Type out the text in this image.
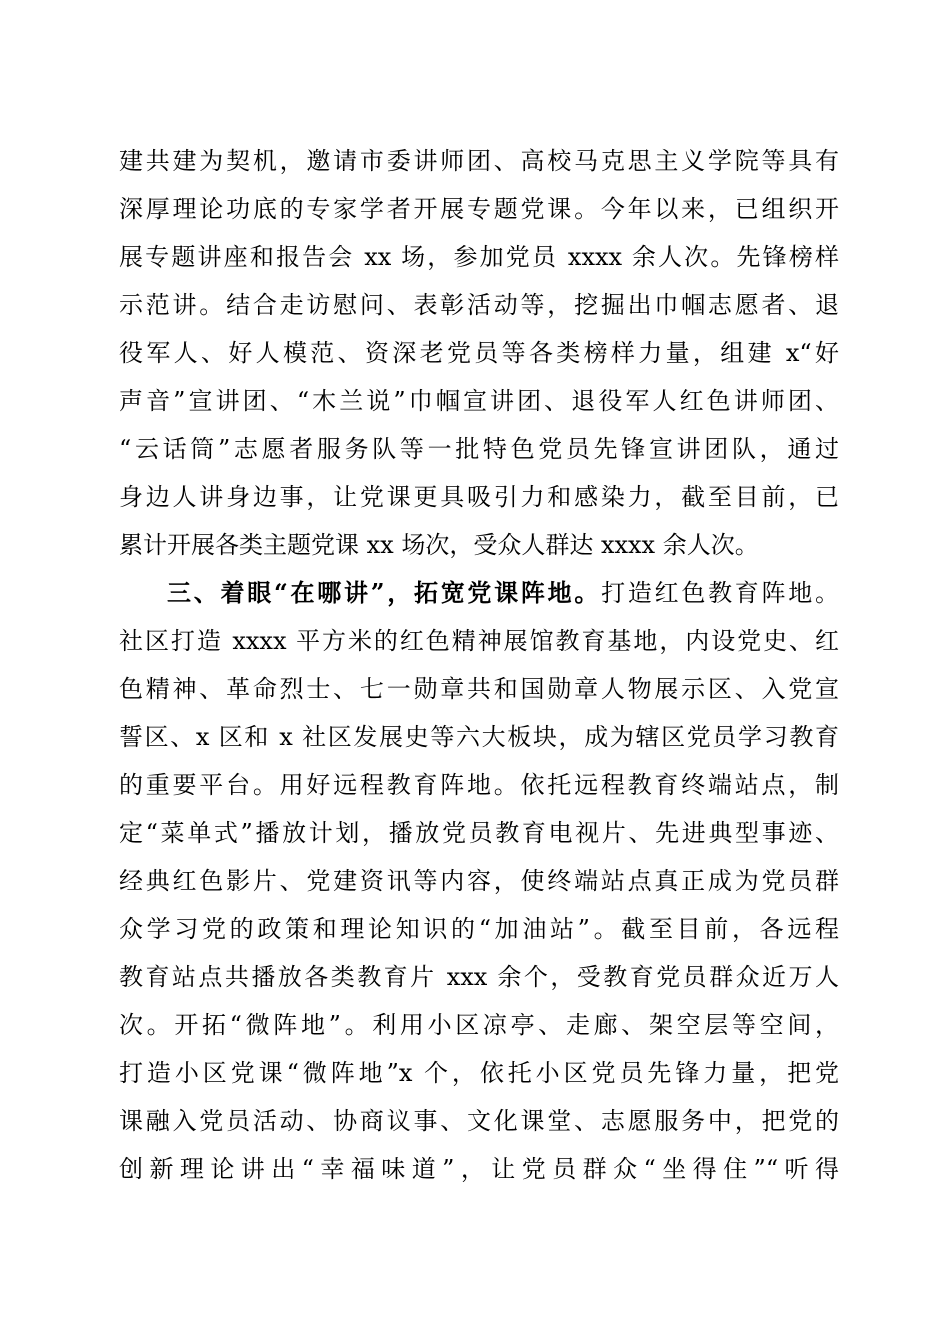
建共建为契机，邀请市委讲师团、高校马克思主义学院等具有
深厚理论功底的专家学者开展专题党课。今年以来，已组织开
展专题讲座和报告会 xx 场，参加党员 xxxx 余人次。先锋榜样
示范讲。结合走访慰问、表彰活动等，挖掘出巾帼志愿者、退
役军人、好人模范、资深老党员等各类榜样力量，组建 x“好
声音”宣讲团、“木兰说”巾帼宣讲团、退役军人红色讲师团、
“云话筒”志愿者服务队等一批特色党员先锋宣讲团队，通过
身边人讲身边事，让党课更具吸引力和感染力，截至目前，已
累计开展各类主题党课 xx 场次，受众人群达 xxxx 余人次。
三、着眼“在哪讲”，拓宽党课阵地。打造红色教育阵地。
社区打造 xxxx 平方米的红色精神展馆教育基地，内设党史、红
色精神、革命烈士、七一勋章共和国勋章人物展示区、入党宣
誓区、x 区和 x 社区发展史等六大板块，成为辖区党员学习教育
的重要平台。用好远程教育阵地。依托远程教育终端站点，制
定“菜单式”播放计划，播放党员教育电视片、先进典型事迹、
经典红色影片、党建资讯等内容，使终端站点真正成为党员群
众学习党的政策和理论知识的“加油站”。截至目前，各远程
教育站点共播放各类教育片 xxx 余个，受教育党员群众近万人
次。开拓“微阵地”。利用小区凉亭、走廊、架空层等空间，
打造小区党课“微阵地”x 个，依托小区党员先锋力量，把党
课融入党员活动、协商议事、文化课堂、志愿服务中，把党的
创新理论讲出“幸福味道”，让党员群众“坐得住”“听得
